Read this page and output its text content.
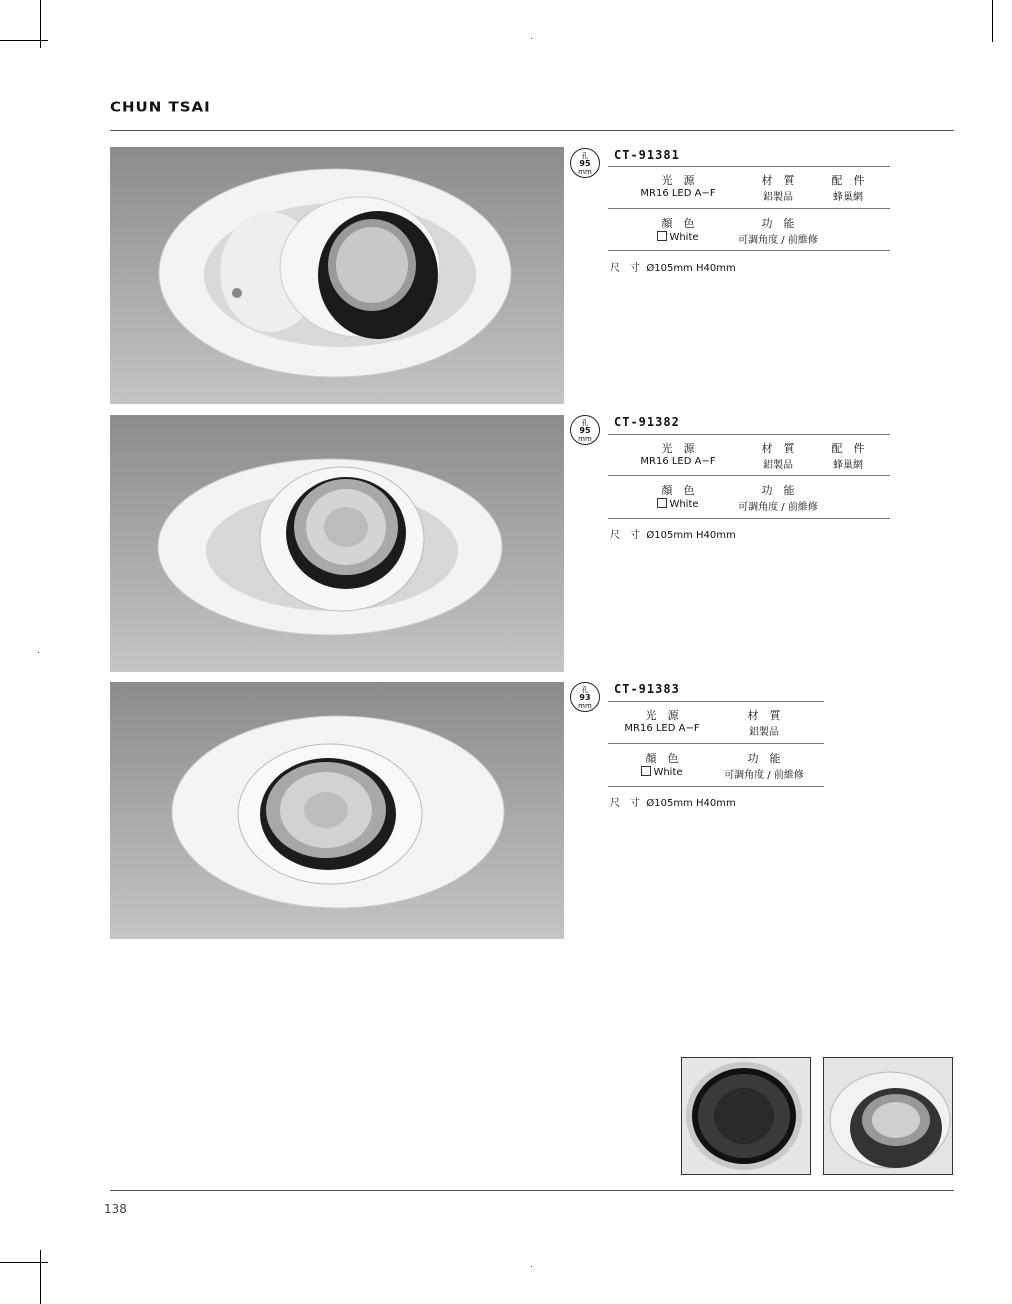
CHUN TSAI
孔
95
mm
CT-91381
光　源	材　質	配　件
MR16 LED A−F	鋁製品	蜂巢網
顏　色	功　能
White	可調角度 / 前維修
尺　寸 Ø105mm H40mm
孔
95
mm
CT-91382
光　源	材　質	配　件
MR16 LED A−F	鋁製品	蜂巢網
顏　色	功　能
White	可調角度 / 前維修
尺　寸 Ø105mm H40mm
孔
93
mm
CT-91383
光　源	材　質
MR16 LED A−F	鋁製品
顏　色	功　能
White	可調角度 / 前維修
尺　寸 Ø105mm H40mm
138
